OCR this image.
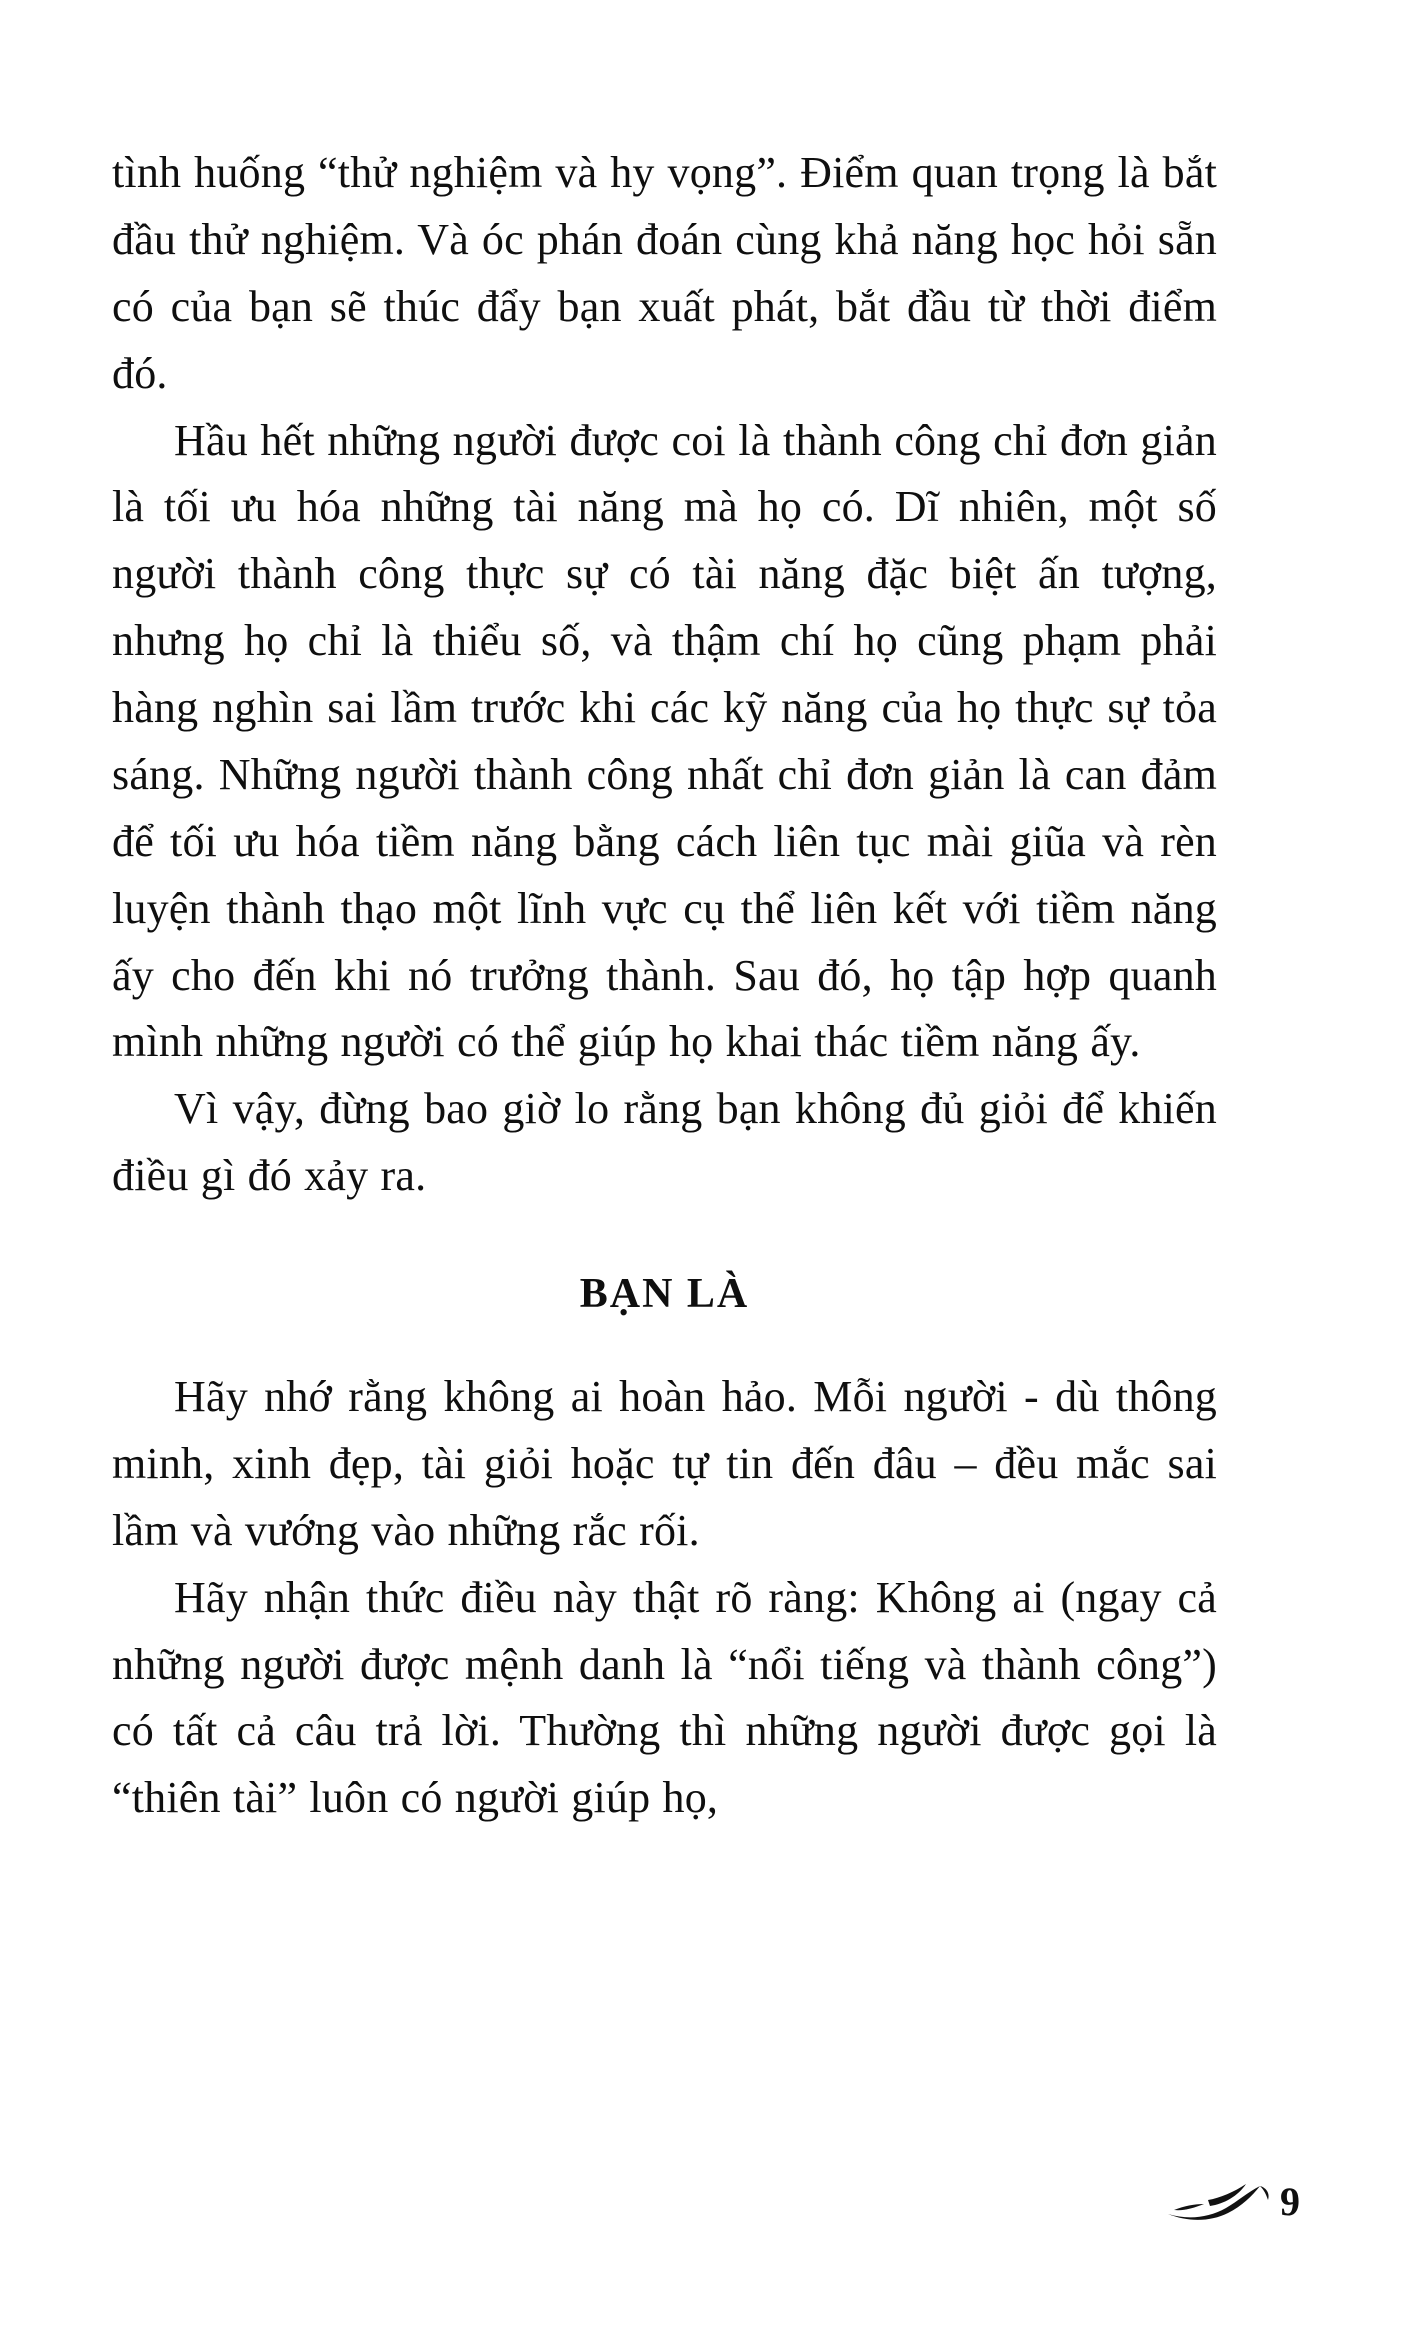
tình huống “thử nghiệm và hy vọng”. Điểm quan trọng là bắt đầu thử nghiệm. Và óc phán đoán cùng khả năng học hỏi sẵn có của bạn sẽ thúc đẩy bạn xuất phát, bắt đầu từ thời điểm đó.

Hầu hết những người được coi là thành công chỉ đơn giản là tối ưu hóa những tài năng mà họ có. Dĩ nhiên, một số người thành công thực sự có tài năng đặc biệt ấn tượng, nhưng họ chỉ là thiểu số, và thậm chí họ cũng phạm phải hàng nghìn sai lầm trước khi các kỹ năng của họ thực sự tỏa sáng. Những người thành công nhất chỉ đơn giản là can đảm để tối ưu hóa tiềm năng bằng cách liên tục mài giũa và rèn luyện thành thạo một lĩnh vực cụ thể liên kết với tiềm năng ấy cho đến khi nó trưởng thành. Sau đó, họ tập hợp quanh mình những người có thể giúp họ khai thác tiềm năng ấy.

Vì vậy, đừng bao giờ lo rằng bạn không đủ giỏi để khiến điều gì đó xảy ra.

BẠN LÀ

Hãy nhớ rằng không ai hoàn hảo. Mỗi người - dù thông minh, xinh đẹp, tài giỏi hoặc tự tin đến đâu – đều mắc sai lầm và vướng vào những rắc rối.

Hãy nhận thức điều này thật rõ ràng: Không ai (ngay cả những người được mệnh danh là “nổi tiếng và thành công”) có tất cả câu trả lời. Thường thì những người được gọi là “thiên tài” luôn có người giúp họ,

9
